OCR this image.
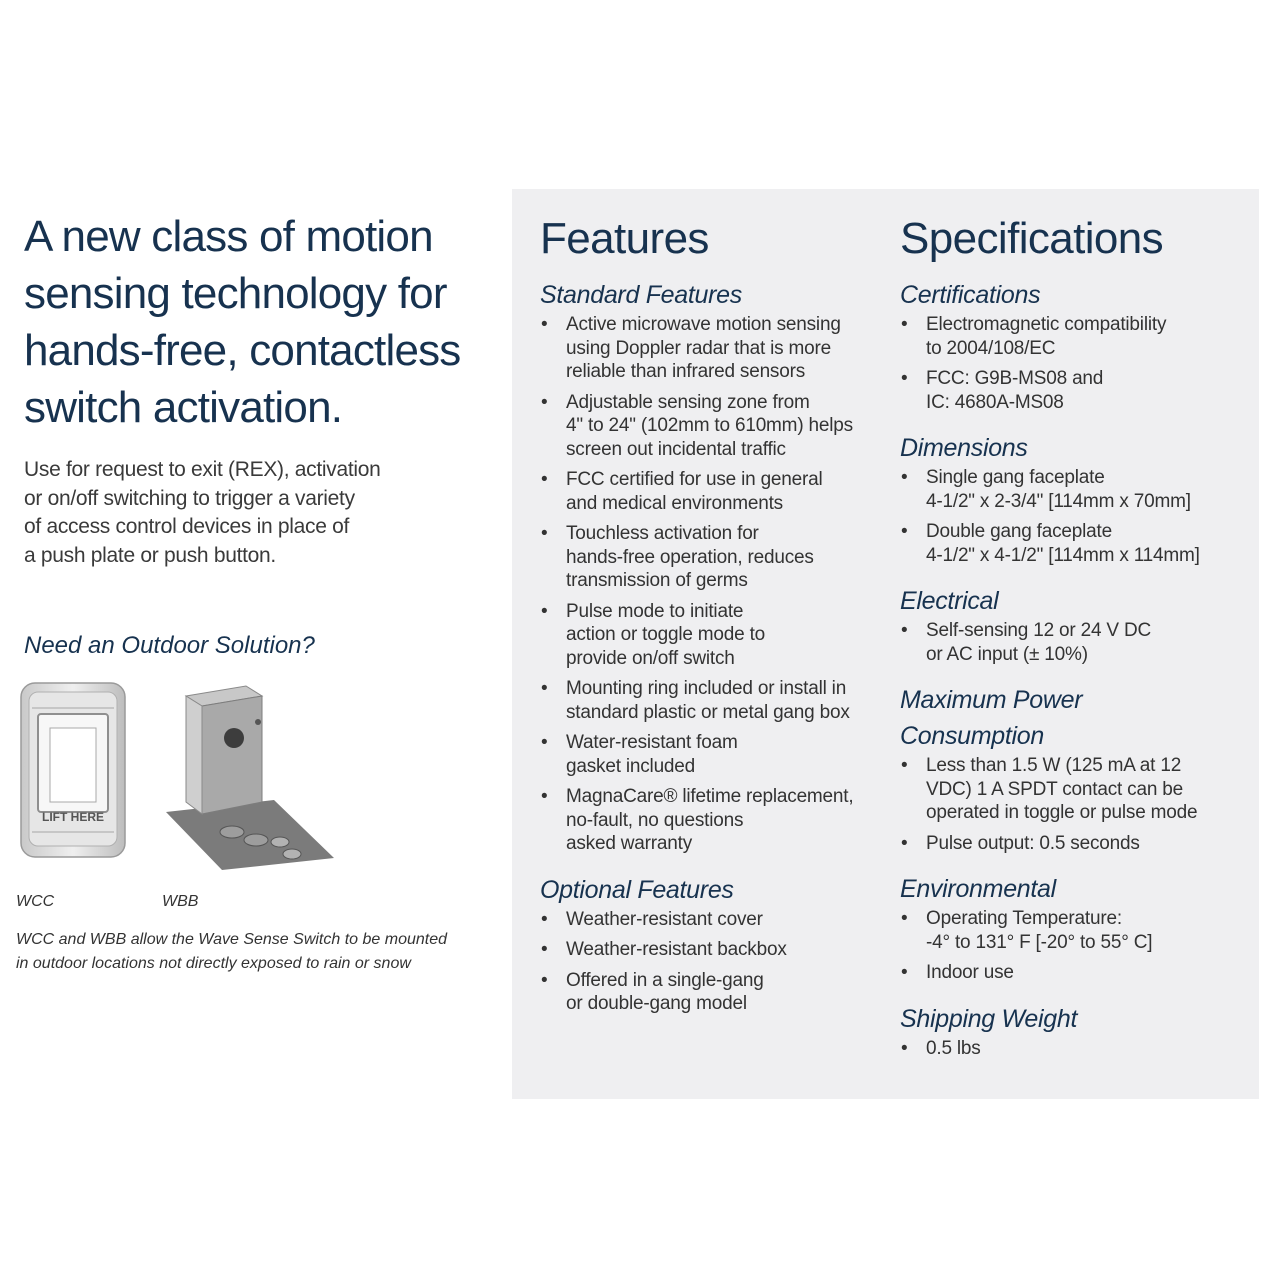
A new class of motion
sensing technology for
hands-free, contactless
switch activation.

Use for request to exit (REX), activation
or on/off switching to trigger a variety
of access control devices in place of
a push plate or push button.

Need an Outdoor Solution?
LIFT HERE
WCC	WBB

WCC and WBB allow the Wave Sense Switch to be mounted
in outdoor locations not directly exposed to rain or snow

Features
Standard Features
• Active microwave motion sensing
using Doppler radar that is more
reliable than infrared sensors
• Adjustable sensing zone from
4" to 24" (102mm to 610mm) helps
screen out incidental traffic
• FCC certified for use in general
and medical environments
• Touchless activation for
hands-free operation, reduces
transmission of germs
• Pulse mode to initiate
action or toggle mode to
provide on/off switch
• Mounting ring included or install in
standard plastic or metal gang box
• Water-resistant foam
gasket included
• MagnaCare® lifetime replacement,
no-fault, no questions
asked warranty
Optional Features
• Weather-resistant cover
• Weather-resistant backbox
• Offered in a single-gang
or double-gang model
Specifications
Certifications
• Electromagnetic compatibility
to 2004/108/EC
• FCC: G9B-MS08 and
IC: 4680A-MS08
Dimensions
• Single gang faceplate
4-1/2" x 2-3/4" [114mm x 70mm]
• Double gang faceplate
4-1/2" x 4-1/2" [114mm x 114mm]
Electrical
• Self-sensing 12 or 24 V DC
or AC input (± 10%)
Maximum Power
Consumption
• Less than 1.5 W (125 mA at 12
VDC) 1 A SPDT contact can be
operated in toggle or pulse mode
• Pulse output: 0.5 seconds
Environmental
• Operating Temperature:
-4° to 131° F [-20° to 55° C]
• Indoor use
Shipping Weight
• 0.5 lbs
